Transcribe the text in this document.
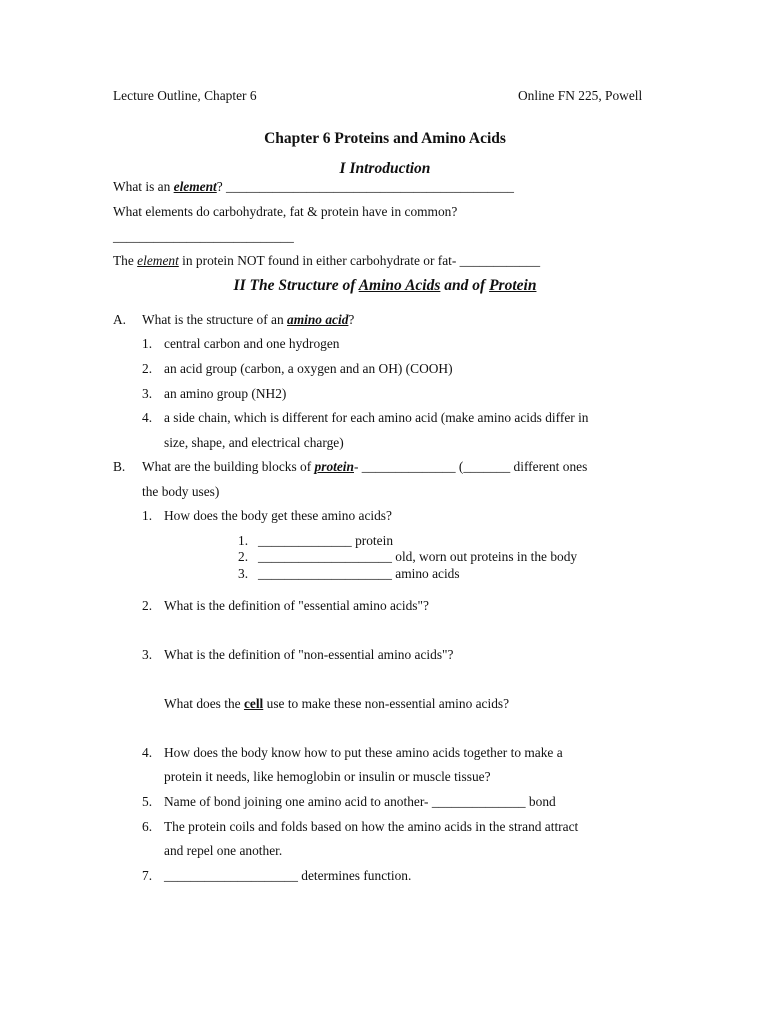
Lecture Outline, Chapter 6	Online FN 225, Powell
Chapter 6 Proteins and Amino Acids
I Introduction
What is an element? ___________________________________________
What elements do carbohydrate, fat & protein have in common?
___________________________
The element in protein NOT found in either carbohydrate or fat- ____________
II The Structure of Amino Acids and of Protein
A. What is the structure of an amino acid?
1. central carbon and one hydrogen
2. an acid group (carbon, a oxygen and an OH) (COOH)
3. an amino group (NH2)
4. a side chain, which is different for each amino acid (make amino acids differ in
size, shape, and electrical charge)
B. What are the building blocks of protein- ______________ (_______ different ones
the body uses)
1. How does the body get these amino acids?
1. ______________ protein
2. ____________________ old, worn out proteins in the body
3. ____________________ amino acids
2. What is the definition of "essential amino acids"?
3. What is the definition of "non-essential amino acids"?
What does the cell use to make these non-essential amino acids?
4. How does the body know how to put these amino acids together to make a
protein it needs, like hemoglobin or insulin or muscle tissue?
5. Name of bond joining one amino acid to another- ______________ bond
6. The protein coils and folds based on how the amino acids in the strand attract
and repel one another.
7. ____________________ determines function.
